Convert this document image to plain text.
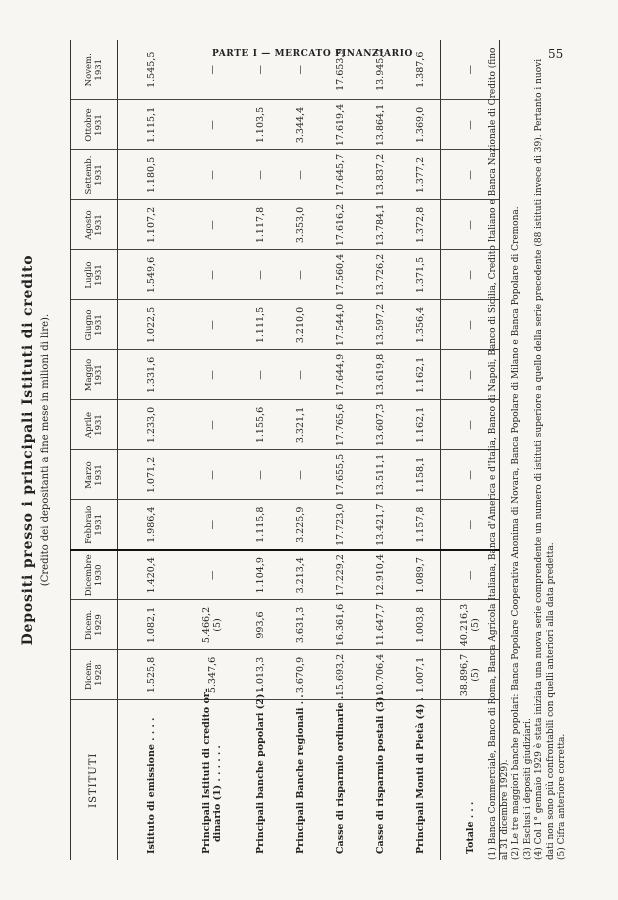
PARTE I — MERCATO FINANZIARIO	55
Depositi presso i principali Istituti di credito (Credito dei depositanti a fine mese in milioni di lire).
ISTITUTI	Dicem. 1928	Dicem. 1929	Dicembre 1930	Febbraio 1931	Marzo 1931	Aprile 1931	Maggio 1931	Giugno 1931	Luglio 1931	Agosto 1931	Settemb. 1931	Ottobre 1931	Novem. 1931
Istituto di emissione . . . .	1.525,8	1.082,1	1.420,4	1.986,4	1.071,2	1.233,0	1.331,6	1.022,5	1.549,6	1.107,2	1.180,5	1.115,1	1.545,5

Principali Istituti di credito or- dinario (1) . . . . . .	5.347,6	5.466,2 (5)	—	—	—	—	—	—	—	—	—	—	—
Principali banche popolari (2) .	1.013,3	993,6	1.104,9	1.115,8	—	1.155,6	—	1.111,5	—	1.117,8	—	1.103,5	—
Principali Banche regionali . .	3.670,9	3.631,3	3.213,4	3.225,9	—	3.321,1	—	3.210,0	—	3.353,0	—	3.344,4	—
Casse di risparmio ordinarie .	15.693,2	16.361,6	17.229,2	17.723,0	17.655,5	17.765,6	17.644,9	17.544,0	17.560,4	17.616,2	17.645,7	17.619,4	17.653,9
Casse di risparmio postali (3) .	10.706,4	11.647,7	12.910,4	13.421,7	13.511,1	13.607,3	13.619,8	13.597,2	13.726,2	13.784,1	13.837,2	13.864,1	13.945,7
Principali Monti di Pietà (4) .	1.007,1	1.003,8	1.089,7	1.157,8	1.158,1	1.162,1	1.162,1	1.356,4	1.371,5	1.372,8	1.377,2	1.369,0	1.387,6
Totale . . .	38.896,7 (5)	40.216,3 (5)	—	—	—	—	—	—	—	—	—	—	— (1) Banca Commerciale, Banco di Roma, Banca Agricola Italiana, Banca d'America e d'Italia, Banco di Napoli, Banco di Sicilia, Credito Italiano e Banca Nazionale di Credito (fino al 31 dicembre 1929). (2) Le tre maggiori banche popolari: Banca Popolare Cooperativa Anonima di Novara, Banca Popolare di Milano e Banca Popolare di Cremona. (3) Esclusi i depositi giudiziari. (4) Col 1° gennaio 1929 è stata iniziata una nuova serie comprendente un numero di istituti superiore a quello della serie precedente (88 istituti invece di 39). Pertanto i nuovi dati non sono più confrontabili con quelli anteriori alla data predetta. (5) Cifra anteriore corretta.
